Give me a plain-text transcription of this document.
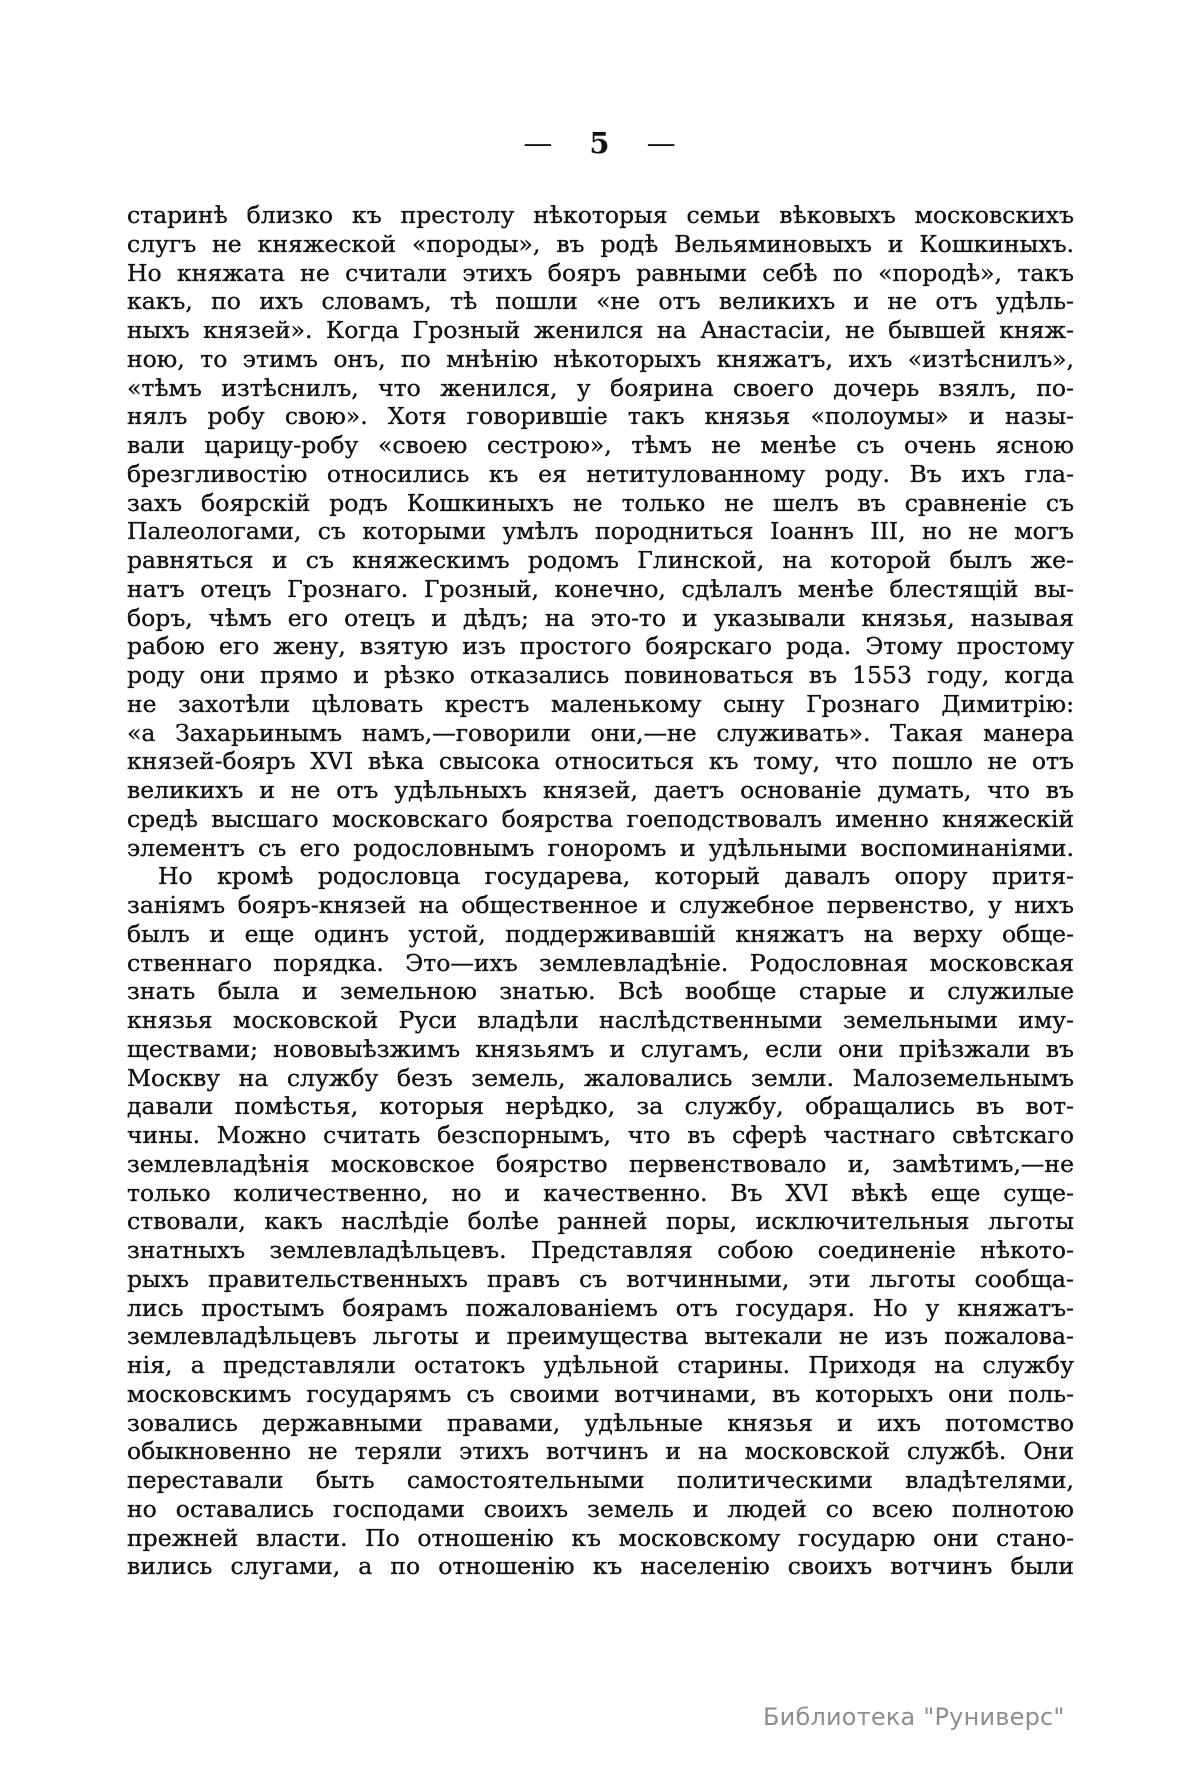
— 5 —
старинѣ близко къ престолу нѣкоторыя семьи вѣковыхъ московскихъ
слугъ не княжеской «породы», въ родѣ Вельяминовыхъ и Кошкиныхъ.
Но княжата не считали этихъ бояръ равными себѣ по «породѣ», такъ
какъ, по ихъ словамъ, тѣ пошли «не отъ великихъ и не отъ удѣль-
ныхъ князей». Когда Грозный женился на Анастасіи, не бывшей княж-
ною, то этимъ онъ, по мнѣнію нѣкоторыхъ княжатъ, ихъ «изтѣснилъ»,
«тѣмъ изтѣснилъ, что женился, у боярина своего дочерь взялъ, по-
нялъ робу свою». Хотя говорившіе такъ князья «полоумы» и назы-
вали царицу-робу «своею сестрою», тѣмъ не менѣе съ очень ясною
брезгливостію относились къ ея нетитулованному роду. Въ ихъ гла-
захъ боярскій родъ Кошкиныхъ не только не шелъ въ сравненіе съ
Палеологами, съ которыми умѣлъ породниться Іоаннъ III, но не могъ
равняться и съ княжескимъ родомъ Глинской, на которой былъ же-
натъ отецъ Грознаго. Грозный, конечно, сдѣлалъ менѣе блестящій вы-
боръ, чѣмъ его отецъ и дѣдъ; на это-то и указывали князья, называя
рабою его жену, взятую изъ простого боярскаго рода. Этому простому
роду они прямо и рѣзко отказались повиноваться въ 1553 году, когда
не захотѣли цѣловать крестъ маленькому сыну Грознаго Димитрію:
«а Захарьинымъ намъ,—говорили они,—не служивать». Такая манера
князей-бояръ XVI вѣка свысока относиться къ тому, что пошло не отъ
великихъ и не отъ удѣльныхъ князей, даетъ основаніе думать, что въ
средѣ высшаго московскаго боярства гоеподствовалъ именно княжескій
элементъ съ его родословнымъ гоноромъ и удѣльными воспоминаніями.
Но кромѣ родословца государева, который давалъ опору притя-
заніямъ бояръ-князей на общественное и служебное первенство, у нихъ
былъ и еще одинъ устой, поддерживавшій княжатъ на верху обще-
ственнаго порядка. Это—ихъ землевладѣніе. Родословная московская
знать была и земельною знатью. Всѣ вообще старые и служилые
князья московской Руси владѣли наслѣдственными земельными иму-
ществами; нововыѣзжимъ князьямъ и слугамъ, если они пріѣзжали въ
Москву на службу безъ земель, жаловались земли. Малоземельнымъ
давали помѣстья, которыя нерѣдко, за службу, обращались въ вот-
чины. Можно считать безспорнымъ, что въ сферѣ частнаго свѣтскаго
землевладѣнія московское боярство первенствовало и, замѣтимъ,—не
только количественно, но и качественно. Въ XVI вѣкѣ еще суще-
ствовали, какъ наслѣдіе болѣе ранней поры, исключительныя льготы
знатныхъ землевладѣльцевъ. Представляя собою соединеніе нѣкото-
рыхъ правительственныхъ правъ съ вотчинными, эти льготы сообща-
лись простымъ боярамъ пожалованіемъ отъ государя. Но у княжатъ-
землевладѣльцевъ льготы и преимущества вытекали не изъ пожалова-
нія, а представляли остатокъ удѣльной старины. Приходя на службу
московскимъ государямъ съ своими вотчинами, въ которыхъ они поль-
зовались державными правами, удѣльные князья и ихъ потомство
обыкновенно не теряли этихъ вотчинъ и на московской службѣ. Они
переставали быть самостоятельными политическими владѣтелями,
но оставались господами своихъ земель и людей со всею полнотою
прежней власти. По отношенію къ московскому государю они стано-
вились слугами, а по отношенію къ населенію своихъ вотчинъ были
Библиотека "Руниверс"
